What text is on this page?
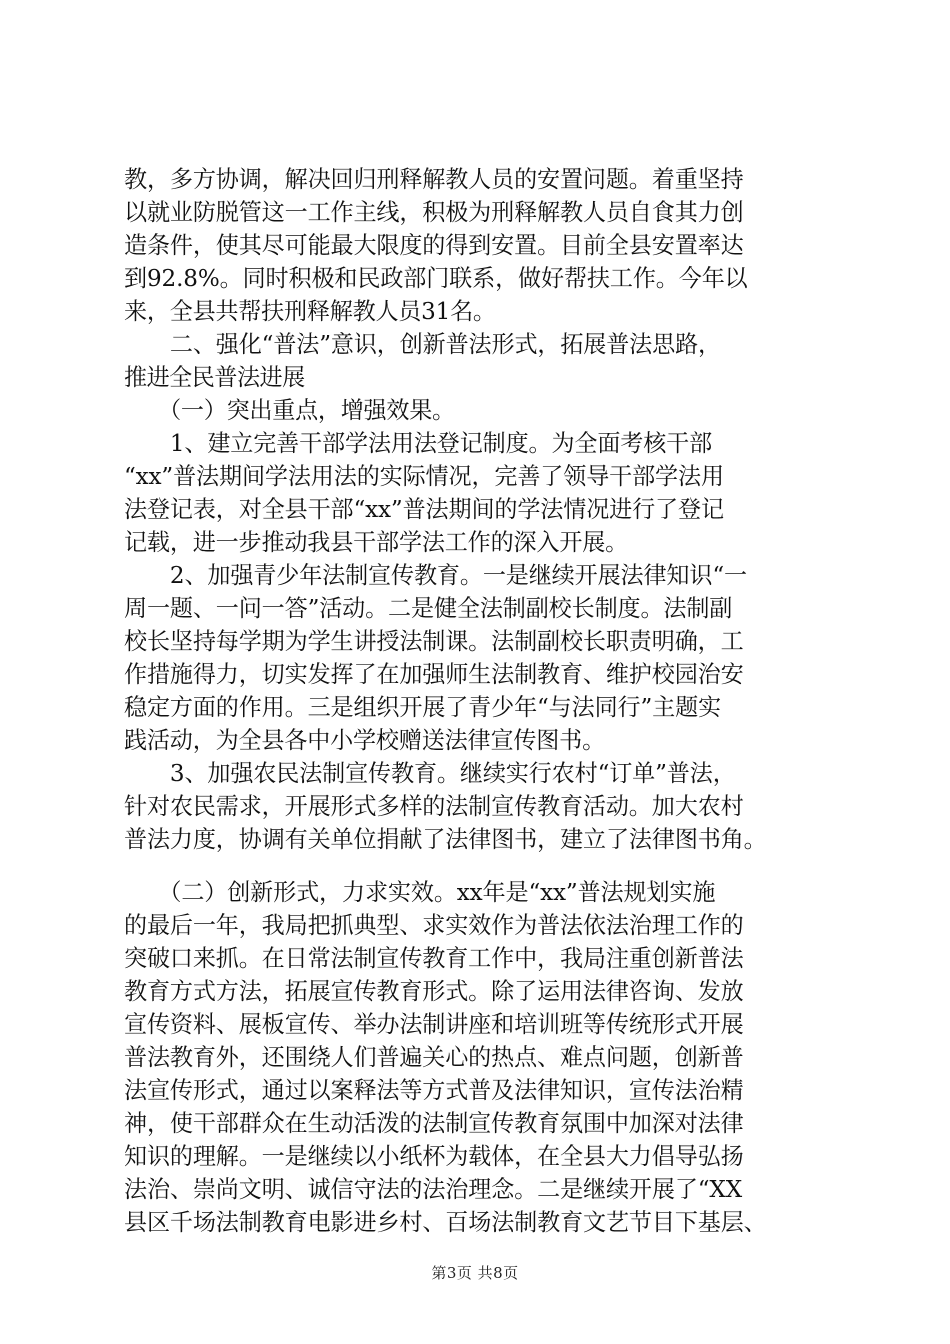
教，多方协调，解决回归刑释解教人员的安置问题。着重坚持
以就业防脱管这一工作主线，积极为刑释解教人员自食其力创
造条件，使其尽可能最大限度的得到安置。目前全县安置率达
到92.8%。同时积极和民政部门联系，做好帮扶工作。今年以
来，全县共帮扶刑释解教人员31名。
　　二、强化“普法”意识，创新普法形式，拓展普法思路，
推进全民普法进展
　　（一）突出重点，增强效果。
　　1、建立完善干部学法用法登记制度。为全面考核干部
“xx”普法期间学法用法的实际情况，完善了领导干部学法用
法登记表，对全县干部“xx”普法期间的学法情况进行了登记
记载，进一步推动我县干部学法工作的深入开展。
　　2、加强青少年法制宣传教育。一是继续开展法律知识“一
周一题、一问一答”活动。二是健全法制副校长制度。法制副
校长坚持每学期为学生讲授法制课。法制副校长职责明确，工
作措施得力，切实发挥了在加强师生法制教育、维护校园治安
稳定方面的作用。三是组织开展了青少年“与法同行”主题实
践活动，为全县各中小学校赠送法律宣传图书。
　　3、加强农民法制宣传教育。继续实行农村“订单”普法，
针对农民需求，开展形式多样的法制宣传教育活动。加大农村
普法力度，协调有关单位捐献了法律图书，建立了法律图书角。
　　（二）创新形式，力求实效。xx年是“xx”普法规划实施
的最后一年，我局把抓典型、求实效作为普法依法治理工作的
突破口来抓。在日常法制宣传教育工作中，我局注重创新普法
教育方式方法，拓展宣传教育形式。除了运用法律咨询、发放
宣传资料、展板宣传、举办法制讲座和培训班等传统形式开展
普法教育外，还围绕人们普遍关心的热点、难点问题，创新普
法宣传形式，通过以案释法等方式普及法律知识，宣传法治精
神，使干部群众在生动活泼的法制宣传教育氛围中加深对法律
知识的理解。一是继续以小纸杯为载体，在全县大力倡导弘扬
法治、崇尚文明、诚信守法的法治理念。二是继续开展了“XX
县区千场法制教育电影进乡村、百场法制教育文艺节目下基层、
第3页 共8页
